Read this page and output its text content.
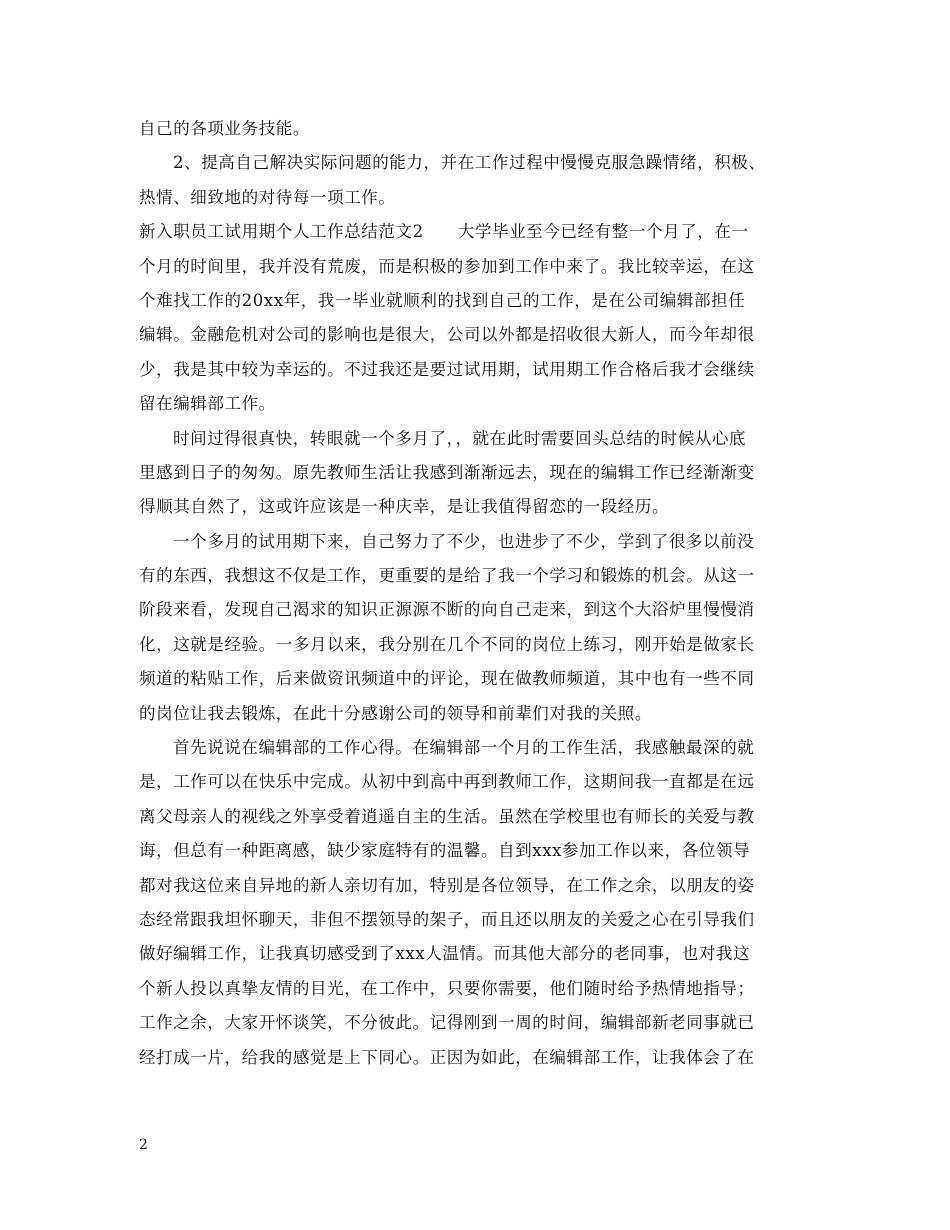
自己的各项业务技能。
2、提高自己解决实际问题的能力，并在工作过程中慢慢克服急躁情绪，积极、
热情、细致地的对待每一项工作。
新入职员工试用期个人工作总结范文2　　大学毕业至今已经有整一个月了，在一
个月的时间里，我并没有荒废，而是积极的参加到工作中来了。我比较幸运，在这
个难找工作的20xx年，我一毕业就顺利的找到自己的工作，是在公司编辑部担任
编辑。金融危机对公司的影响也是很大，公司以外都是招收很大新人，而今年却很
少，我是其中较为幸运的。不过我还是要过试用期，试用期工作合格后我才会继续
留在编辑部工作。
时间过得很真快，转眼就一个多月了，，就在此时需要回头总结的时候从心底
里感到日子的匆匆。原先教师生活让我感到渐渐远去，现在的编辑工作已经渐渐变
得顺其自然了，这或许应该是一种庆幸，是让我值得留恋的一段经历。
一个多月的试用期下来，自己努力了不少，也进步了不少，学到了很多以前没
有的东西，我想这不仅是工作，更重要的是给了我一个学习和锻炼的机会。从这一
阶段来看，发现自己渴求的知识正源源不断的向自己走来，到这个大浴炉里慢慢消
化，这就是经验。一多月以来，我分别在几个不同的岗位上练习，刚开始是做家长
频道的粘贴工作，后来做资讯频道中的评论，现在做教师频道，其中也有一些不同
的岗位让我去锻炼，在此十分感谢公司的领导和前辈们对我的关照。
首先说说在编辑部的工作心得。在编辑部一个月的工作生活，我感触最深的就
是，工作可以在快乐中完成。从初中到高中再到教师工作，这期间我一直都是在远
离父母亲人的视线之外享受着逍遥自主的生活。虽然在学校里也有师长的关爱与教
诲，但总有一种距离感，缺少家庭特有的温馨。自到xxx参加工作以来，各位领导
都对我这位来自异地的新人亲切有加，特别是各位领导，在工作之余，以朋友的姿
态经常跟我坦怀聊天，非但不摆领导的架子，而且还以朋友的关爱之心在引导我们
做好编辑工作，让我真切感受到了xxx人温情。而其他大部分的老同事，也对我这
个新人投以真挚友情的目光，在工作中，只要你需要，他们随时给予热情地指导；
工作之余，大家开怀谈笑，不分彼此。记得刚到一周的时间，编辑部新老同事就已
经打成一片，给我的感觉是上下同心。正因为如此，在编辑部工作，让我体会了在
2
